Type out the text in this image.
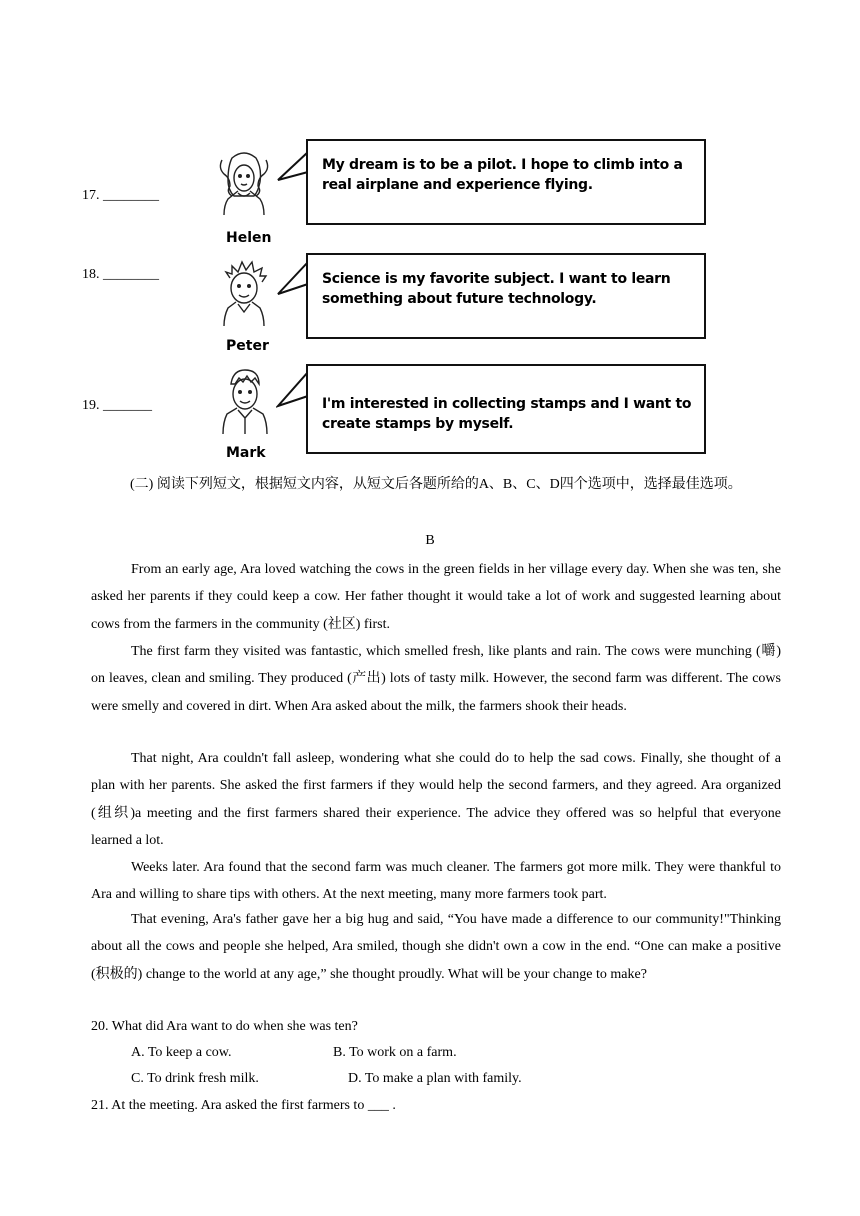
17. ________
Helen
My dream is to be a pilot. I hope to climb into a real airplane and experience flying.
18. ________
Peter
Science is my favorite subject. I want to learn something about future technology.
19. _______
Mark
I'm interested in collecting stamps and I want to create stamps by myself.
(二) 阅读下列短文，根据短文内容，从短文后各题所给的A、B、C、D四个选项中，选择最佳选项。
B
From an early age, Ara loved watching the cows in the green fields in her village every day. When she was ten, she asked her parents if they could keep a cow. Her father thought it would take a lot of work and suggested learning about cows from the farmers in the community (社区) first.
The first farm they visited was fantastic, which smelled fresh, like plants and rain. The cows were munching (嚼) on leaves, clean and smiling. They produced (产出) lots of tasty milk. However, the second farm was different. The cows were smelly and covered in dirt. When Ara asked about the milk, the farmers shook their heads.
That night, Ara couldn't fall asleep, wondering what she could do to help the sad cows. Finally, she thought of a plan with her parents. She asked the first farmers if they would help the second farmers, and they agreed. Ara organized (组织)a meeting and the first farmers shared their experience. The advice they offered was so helpful that everyone learned a lot.
Weeks later. Ara found that the second farm was much cleaner. The farmers got more milk. They were thankful to Ara and willing to share tips with others. At the next meeting, many more farmers took part.
That evening, Ara's father gave her a big hug and said, “You have made a difference to our community!"Thinking about all the cows and people she helped, Ara smiled, though she didn't own a cow in the end. “One can make a positive (积极的) change to the world at any age,” she thought proudly. What will be your change to make?
20. What did Ara want to do when she was ten?
A. To keep a cow.	B. To work on a farm.
C. To drink fresh milk.	D. To make a plan with family.
21. At the meeting. Ara asked the first farmers to ___ .
